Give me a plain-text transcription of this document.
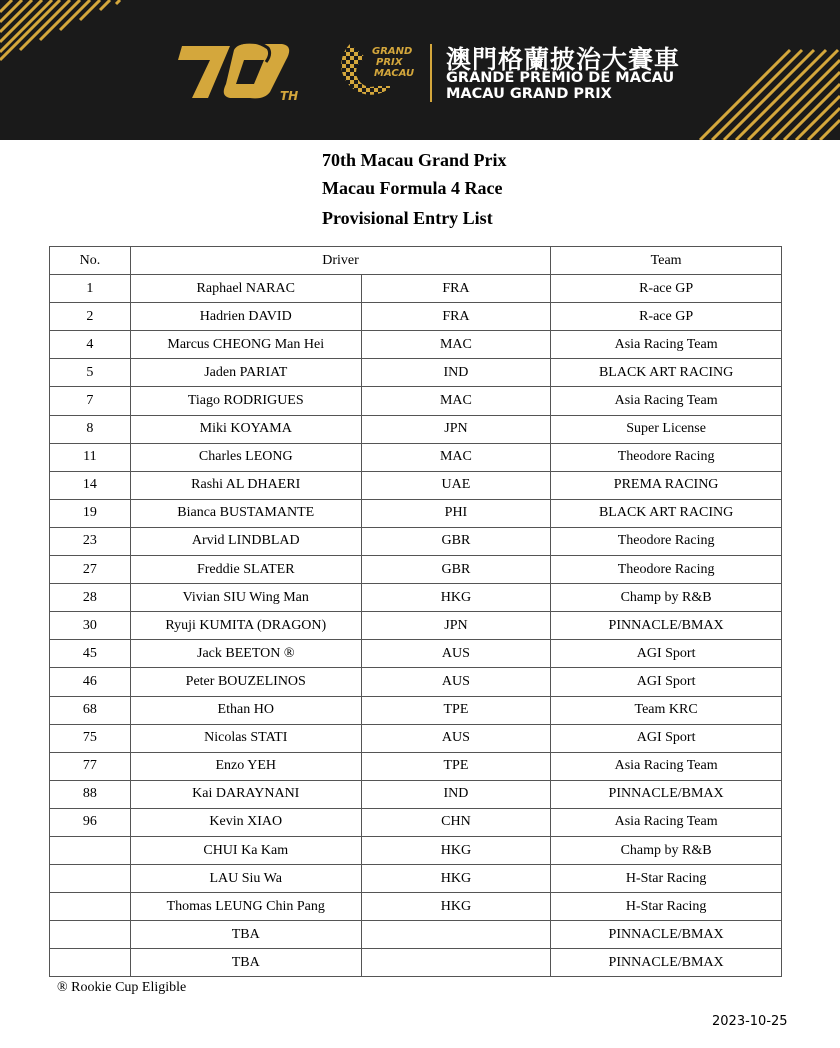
TH
GRAND
PRIX
MACAU 澳門格蘭披治大賽車
GRANDE PRÉMIO DE MACAU
MACAU GRAND PRIX
70th Macau Grand Prix
Macau Formula 4 Race
Provisional Entry List
No.	Driver		Team
1	Raphael NARAC	FRA	R-ace GP
2	Hadrien DAVID	FRA	R-ace GP
4	Marcus CHEONG Man Hei	MAC	Asia Racing Team
5	Jaden PARIAT	IND	BLACK ART RACING
7	Tiago RODRIGUES	MAC	Asia Racing Team
8	Miki KOYAMA	JPN	Super License
11	Charles LEONG	MAC	Theodore Racing
14	Rashi AL DHAERI	UAE	PREMA RACING
19	Bianca BUSTAMANTE	PHI	BLACK ART RACING
23	Arvid LINDBLAD	GBR	Theodore Racing
27	Freddie SLATER	GBR	Theodore Racing
28	Vivian SIU Wing Man	HKG	Champ by R&B
30	Ryuji KUMITA (DRAGON)	JPN	PINNACLE/BMAX
45	Jack BEETON ®	AUS	AGI Sport
46	Peter BOUZELINOS	AUS	AGI Sport
68	Ethan HO	TPE	Team KRC
75	Nicolas STATI	AUS	AGI Sport
77	Enzo YEH	TPE	Asia Racing Team
88	Kai DARAYNANI	IND	PINNACLE/BMAX
96	Kevin XIAO	CHN	Asia Racing Team
	CHUI Ka Kam	HKG	Champ by R&B
	LAU Siu Wa	HKG	H-Star Racing
	Thomas LEUNG Chin Pang	HKG	H-Star Racing
	TBA		PINNACLE/BMAX
	TBA		PINNACLE/BMAX
® Rookie Cup Eligible
2023-10-25
